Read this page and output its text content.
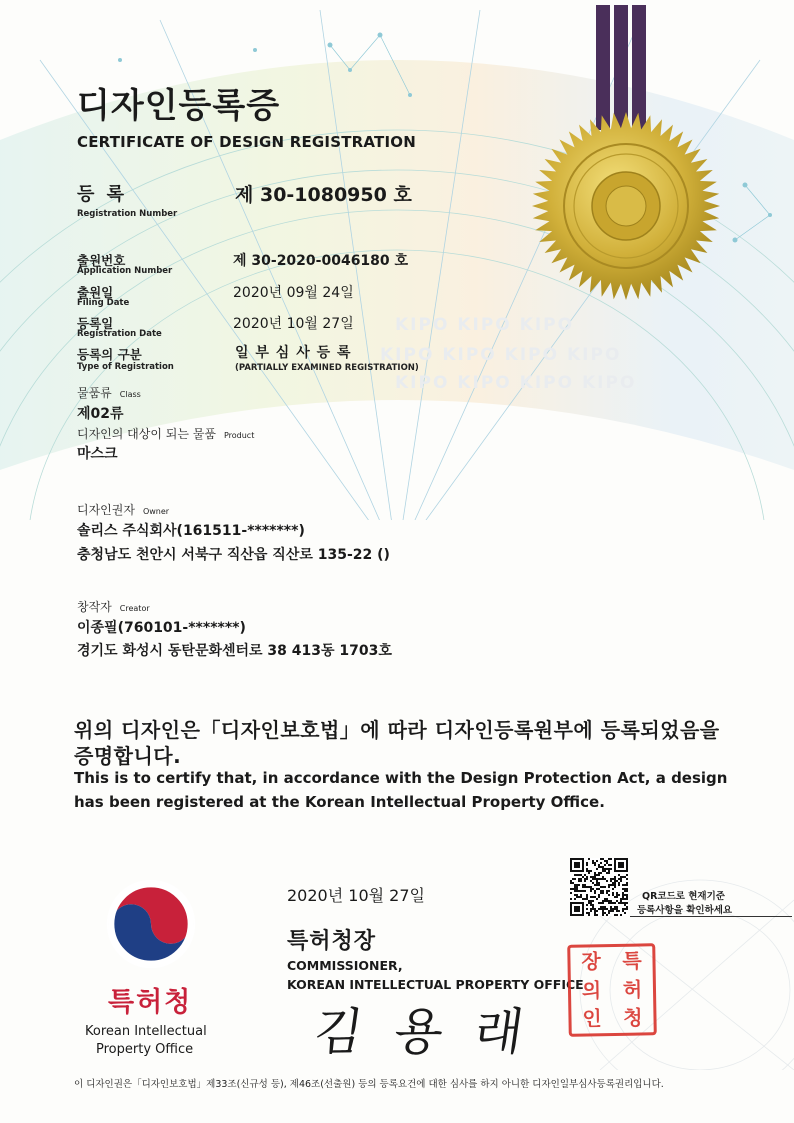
KIPO KIPO KIPO
KIPO KIPO KIPO KIPO
KIPO KIPO KIPO KIPO
디자인등록증
CERTIFICATE OF DESIGN REGISTRATION
등 록
Registration Number
제 30-1080950 호
출원번호
Application Number
제 30-2020-0046180 호
출원일
Filing Date
2020년 09월 24일
등록일
Registration Date
2020년 10월 27일
등록의 구분
Type of Registration
일 부 심 사 등 록
(PARTIALLY EXAMINED REGISTRATION)
물품류 Class
제02류
디자인의 대상이 되는 물품 Product
마스크
디자인권자 Owner
솔리스 주식회사(161511-*******)
충청남도 천안시 서북구 직산읍 직산로 135-22 ()
창작자 Creator
이종필(760101-*******)
경기도 화성시 동탄문화센터로 38 413동 1703호
위의 디자인은「디자인보호법」에 따라 디자인등록원부에 등록되었음을
증명합니다.
This is to certify that, in accordance with the Design Protection Act, a design
has been registered at the Korean Intellectual Property Office.
특허청
Korean Intellectual
Property Office
2020년 10월 27일	QR코드로 현재기준
등록사항을 확인하세요
특허청장
COMMISSIONER,
KOREAN INTELLECTUAL PROPERTY OFFICE
김 용 래
장	특
의	허
인	청
이 디자인권은「디자인보호법」제33조(신규성 등), 제46조(선출원) 등의 등록요건에 대한 심사를 하지 아니한 디자인일부심사등록권리입니다.
